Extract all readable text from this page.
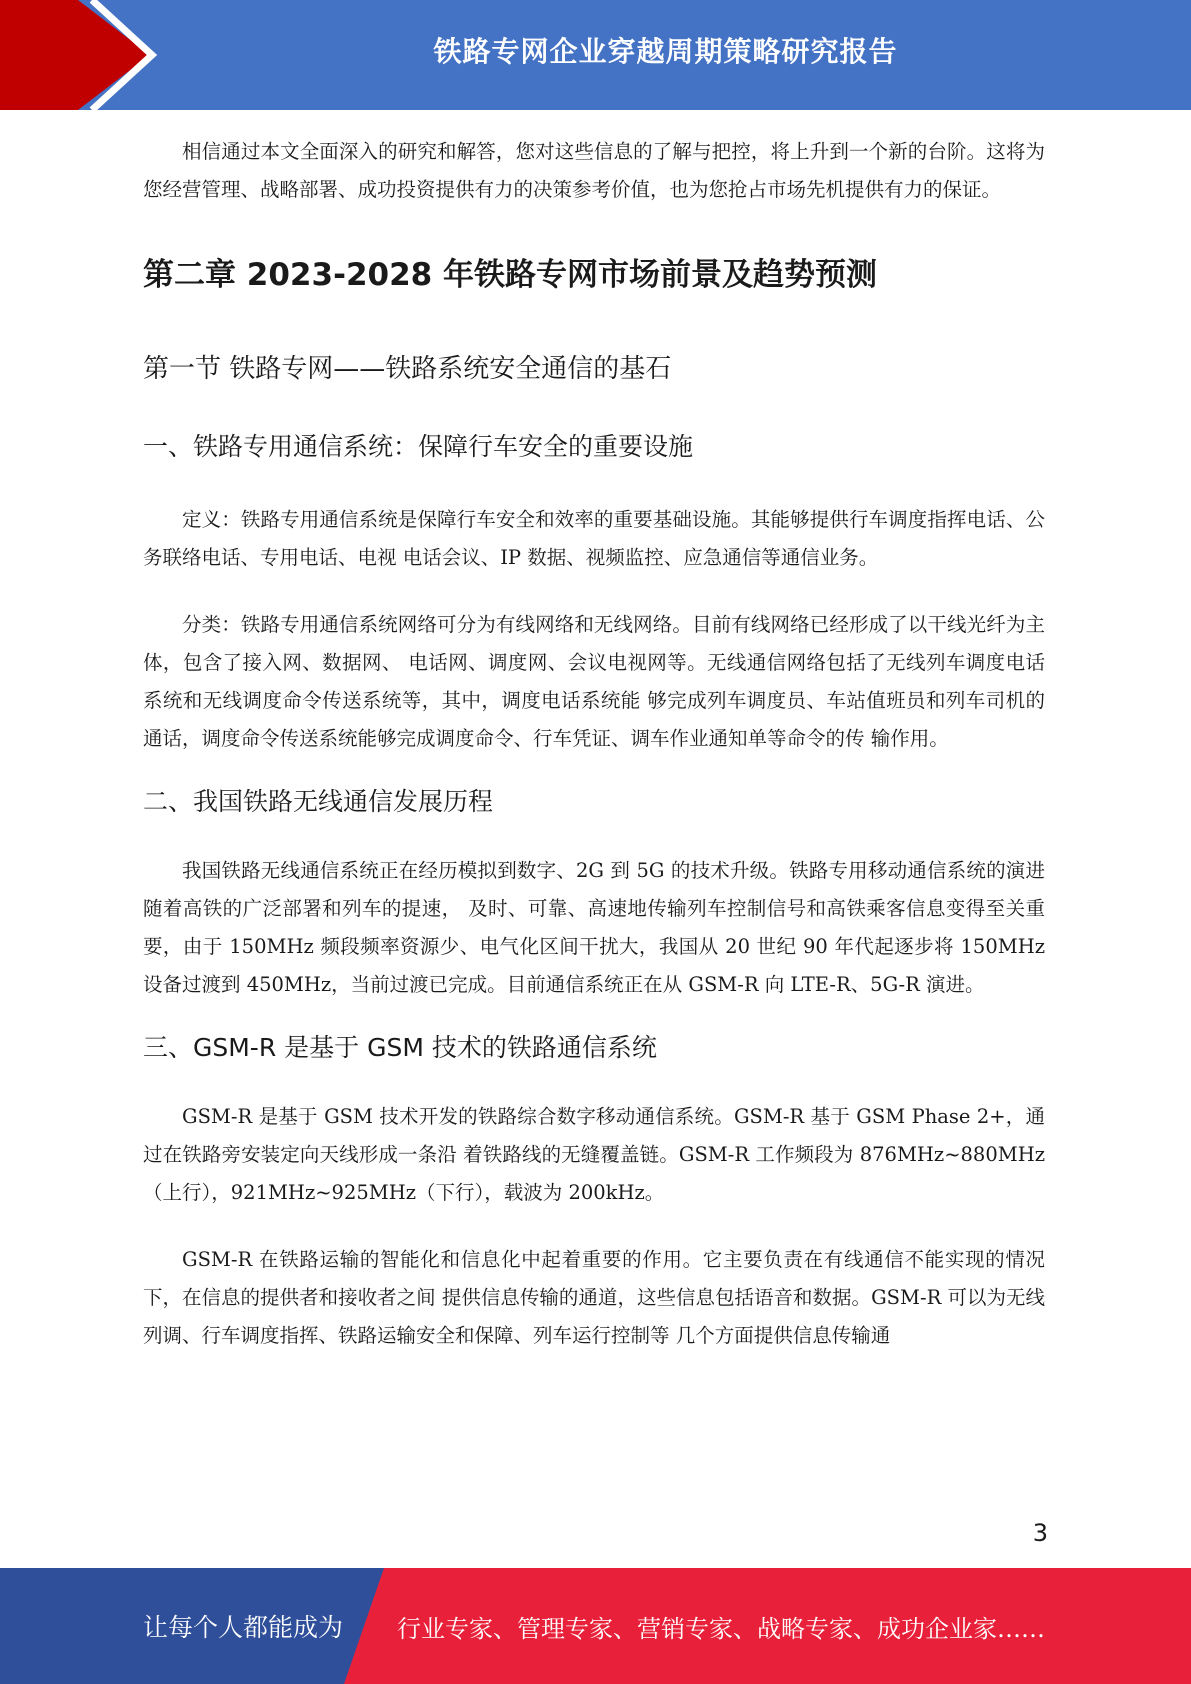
铁路专网企业穿越周期策略研究报告

相信通过本文全面深入的研究和解答，您对这些信息的了解与把控，将上升到一个新的台阶。这将为您经营管理、战略部署、成功投资提供有力的决策参考价值，也为您抢占市场先机提供有力的保证。

第二章 2023-2028 年铁路专网市场前景及趋势预测
第一节 铁路专网——铁路系统安全通信的基石
一、铁路专用通信系统：保障行车安全的重要设施

定义：铁路专用通信系统是保障行车安全和效率的重要基础设施。其能够提供行车调度指挥电话、公务联络电话、专用电话、电视 电话会议、IP 数据、视频监控、应急通信等通信业务。

分类：铁路专用通信系统网络可分为有线网络和无线网络。目前有线网络已经形成了以干线光纤为主体，包含了接入网、数据网、 电话网、调度网、会议电视网等。无线通信网络包括了无线列车调度电话系统和无线调度命令传送系统等，其中，调度电话系统能 够完成列车调度员、车站值班员和列车司机的通话，调度命令传送系统能够完成调度命令、行车凭证、调车作业通知单等命令的传 输作用。

二、我国铁路无线通信发展历程

我国铁路无线通信系统正在经历模拟到数字、2G 到 5G 的技术升级。铁路专用移动通信系统的演进随着高铁的广泛部署和列车的提速， 及时、可靠、高速地传输列车控制信号和高铁乘客信息变得至关重要，由于 150MHz 频段频率资源少、电气化区间干扰大，我国从 20 世纪 90 年代起逐步将 150MHz 设备过渡到 450MHz，当前过渡已完成。目前通信系统正在从 GSM-R 向 LTE-R、5G-R 演进。

三、GSM-R 是基于 GSM 技术的铁路通信系统

GSM-R 是基于 GSM 技术开发的铁路综合数字移动通信系统。GSM-R 基于 GSM Phase 2+，通过在铁路旁安装定向天线形成一条沿 着铁路线的无缝覆盖链。GSM-R 工作频段为 876MHz~880MHz（上行），921MHz~925MHz（下行），载波为 200kHz。

GSM-R 在铁路运输的智能化和信息化中起着重要的作用。它主要负责在有线通信不能实现的情况下，在信息的提供者和接收者之间 提供信息传输的通道，这些信息包括语音和数据。GSM-R 可以为无线列调、行车调度指挥、铁路运输安全和保障、列车运行控制等 几个方面提供信息传输通

3
让每个人都能成为 行业专家、管理专家、营销专家、战略专家、成功企业家……
